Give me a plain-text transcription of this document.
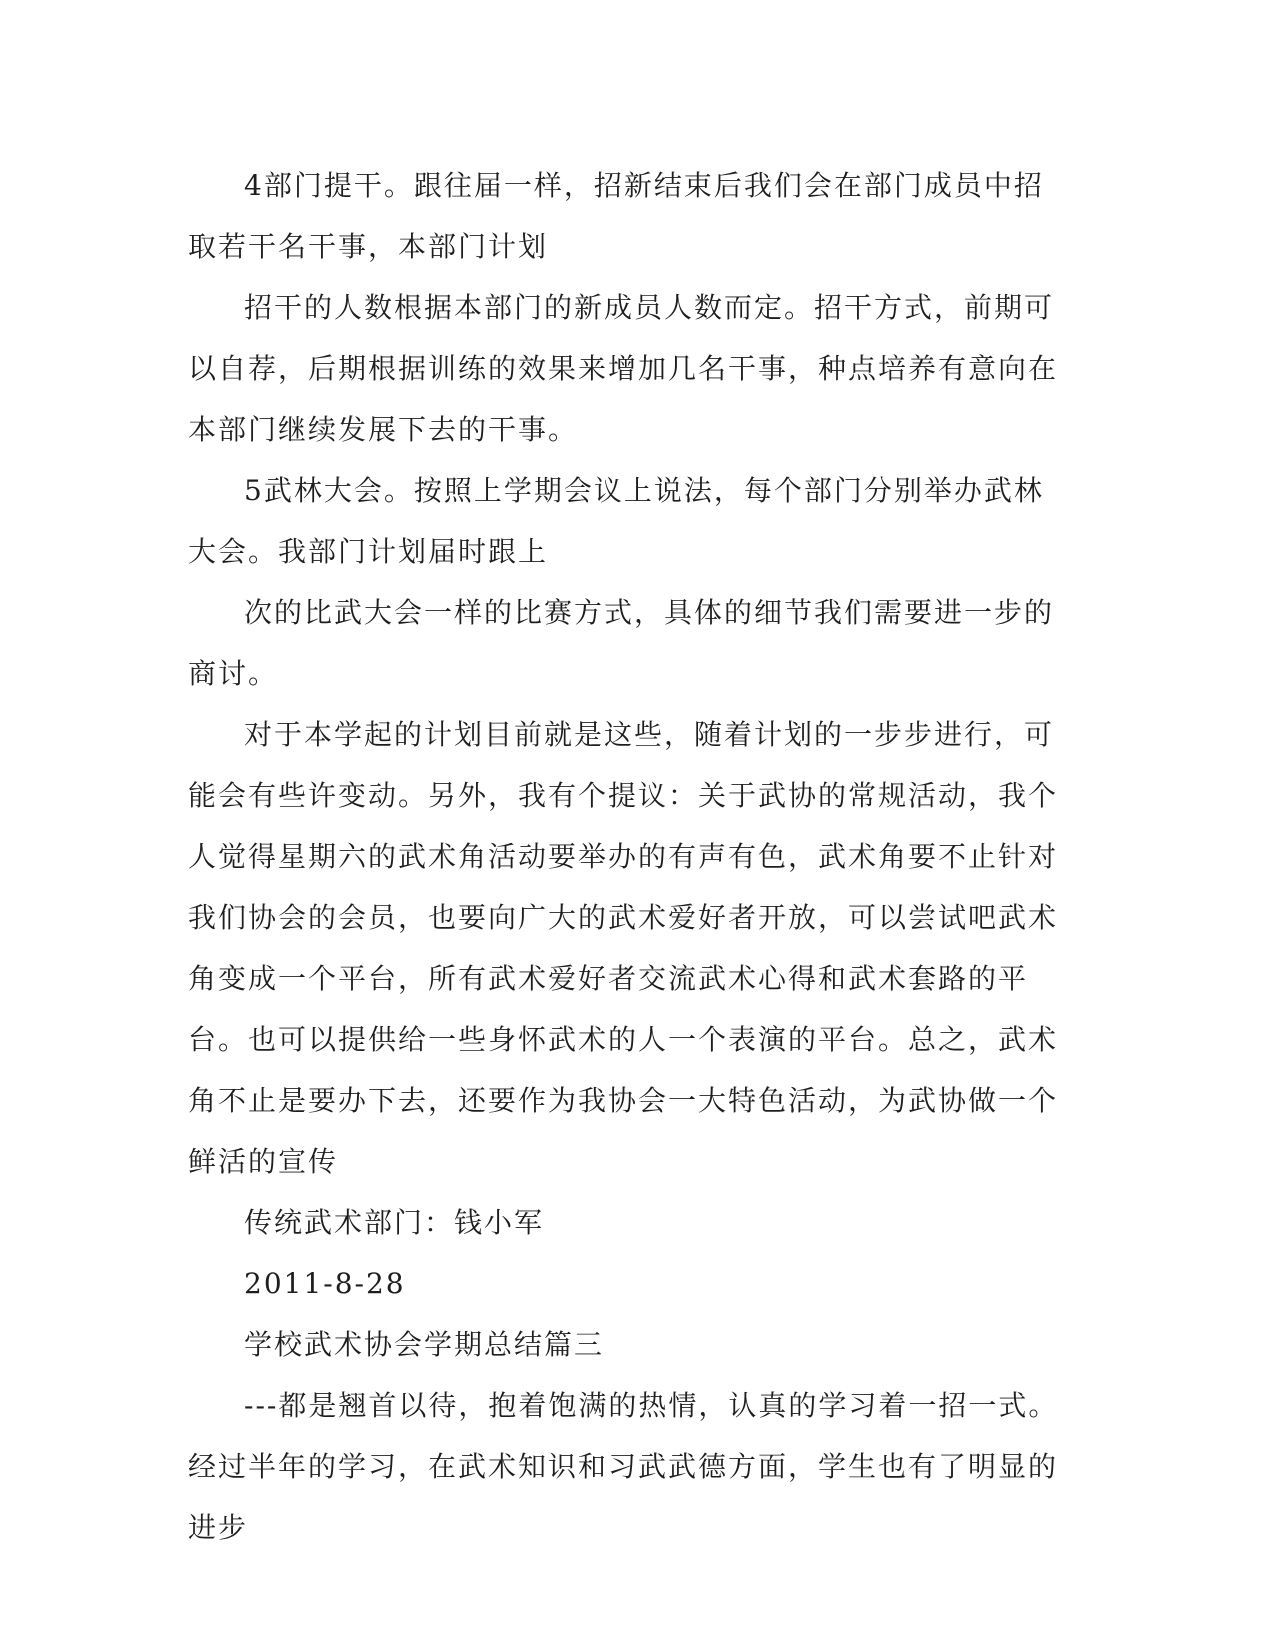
4部门提干。跟往届一样，招新结束后我们会在部门成员中招取若干名干事，本部门计划

招干的人数根据本部门的新成员人数而定。招干方式，前期可以自荐，后期根据训练的效果来增加几名干事，种点培养有意向在本部门继续发展下去的干事。

5武林大会。按照上学期会议上说法，每个部门分别举办武林大会。我部门计划届时跟上

次的比武大会一样的比赛方式，具体的细节我们需要进一步的商讨。

对于本学起的计划目前就是这些，随着计划的一步步进行，可能会有些许变动。另外，我有个提议：关于武协的常规活动，我个人觉得星期六的武术角活动要举办的有声有色，武术角要不止针对我们协会的会员，也要向广大的武术爱好者开放，可以尝试吧武术角变成一个平台，所有武术爱好者交流武术心得和武术套路的平台。也可以提供给一些身怀武术的人一个表演的平台。总之，武术角不止是要办下去，还要作为我协会一大特色活动，为武协做一个鲜活的宣传

传统武术部门：钱小军

2011-8-28

学校武术协会学期总结篇三

---都是翘首以待，抱着饱满的热情，认真的学习着一招一式。经过半年的学习，在武术知识和习武武德方面，学生也有了明显的进步
